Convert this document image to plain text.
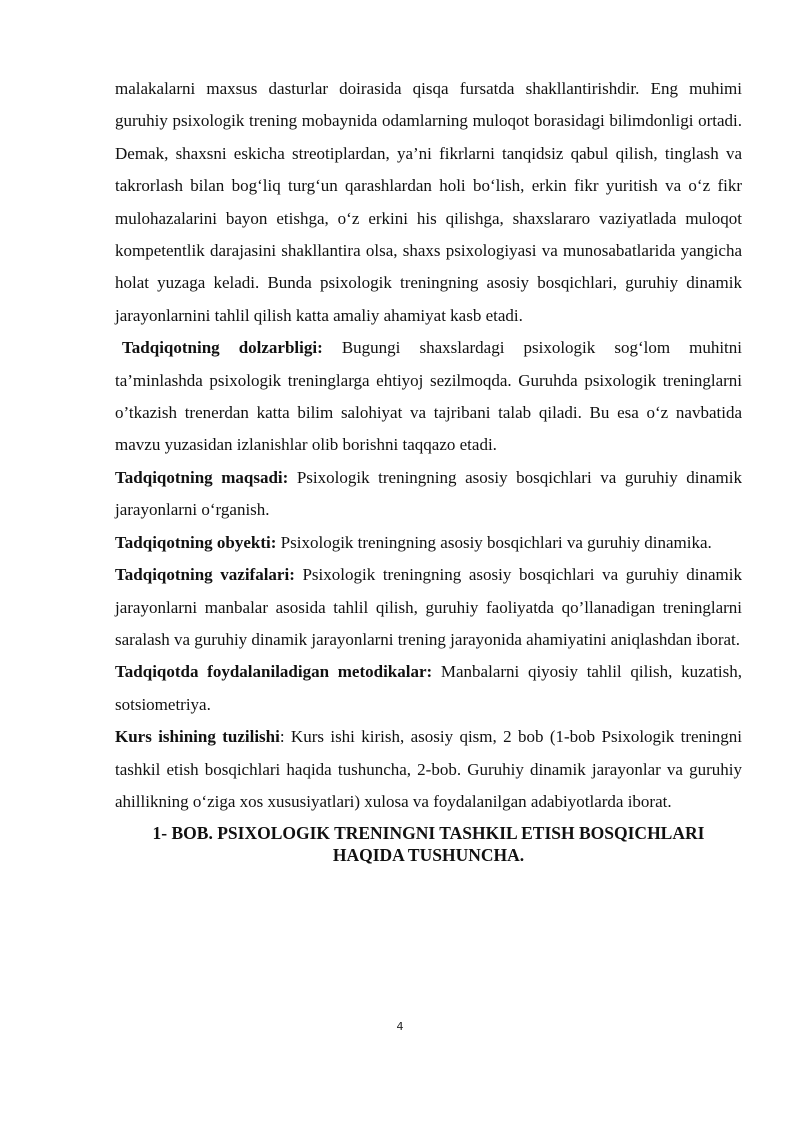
malakalarni maxsus dasturlar doirasida qisqa fursatda shakllantirishdir. Eng muhimi guruhiy psixologik trening mobaynida odamlarning muloqot borasidagi bilimdonligi ortadi. Demak, shaxsni eskicha streotiplardan, ya’ni fikrlarni tanqidsiz qabul qilish, tinglash va takrorlash bilan bog‘liq turg‘un qarashlardan holi bo‘lish, erkin fikr yuritish va o‘z fikr mulohazalarini bayon etishga, o‘z erkini his qilishga, shaxslararo vaziyatlada muloqot kompetentlik darajasini shakllantira olsa, shaxs psixologiyasi va munosabatlarida yangicha holat yuzaga keladi. Bunda psixologik treningning asosiy bosqichlari, guruhiy dinamik jarayonlarnini tahlil qilish katta amaliy ahamiyat kasb etadi.

Tadqiqotning dolzarbligi: Bugungi shaxslardagi psixologik sog‘lom muhitni ta’minlashda psixologik treninglarga ehtiyoj sezilmoqda. Guruhda psixologik treninglarni o’tkazish trenerdan katta bilim salohiyat va tajribani talab qiladi. Bu esa o‘z navbatida mavzu yuzasidan izlanishlar olib borishni taqqazo etadi.

Tadqiqotning maqsadi: Psixologik treningning asosiy bosqichlari va guruhiy dinamik jarayonlarni o‘rganish.

Tadqiqotning obyekti: Psixologik treningning asosiy bosqichlari va guruhiy dinamika.

Tadqiqotning vazifalari: Psixologik treningning asosiy bosqichlari va guruhiy dinamik jarayonlarni manbalar asosida tahlil qilish, guruhiy faoliyatda qo’llanadigan treninglarni saralash va guruhiy dinamik jarayonlarni trening jarayonida ahamiyatini aniqlashdan iborat.

Tadqiqotda foydalaniladigan metodikalar: Manbalarni qiyosiy tahlil qilish, kuzatish, sotsiometriya.

Kurs ishining tuzilishi: Kurs ishi kirish, asosiy qism, 2 bob (1-bob Psixologik treningni tashkil etish bosqichlari haqida tushuncha, 2-bob. Guruhiy dinamik jarayonlar va guruhiy ahillikning o‘ziga xos xususiyatlari) xulosa va foydalanilgan adabiyotlarda iborat.

1- BOB. PSIXOLOGIK TRENINGNI TASHKIL ETISH BOSQICHLARI HAQIDA TUSHUNCHA.
4
